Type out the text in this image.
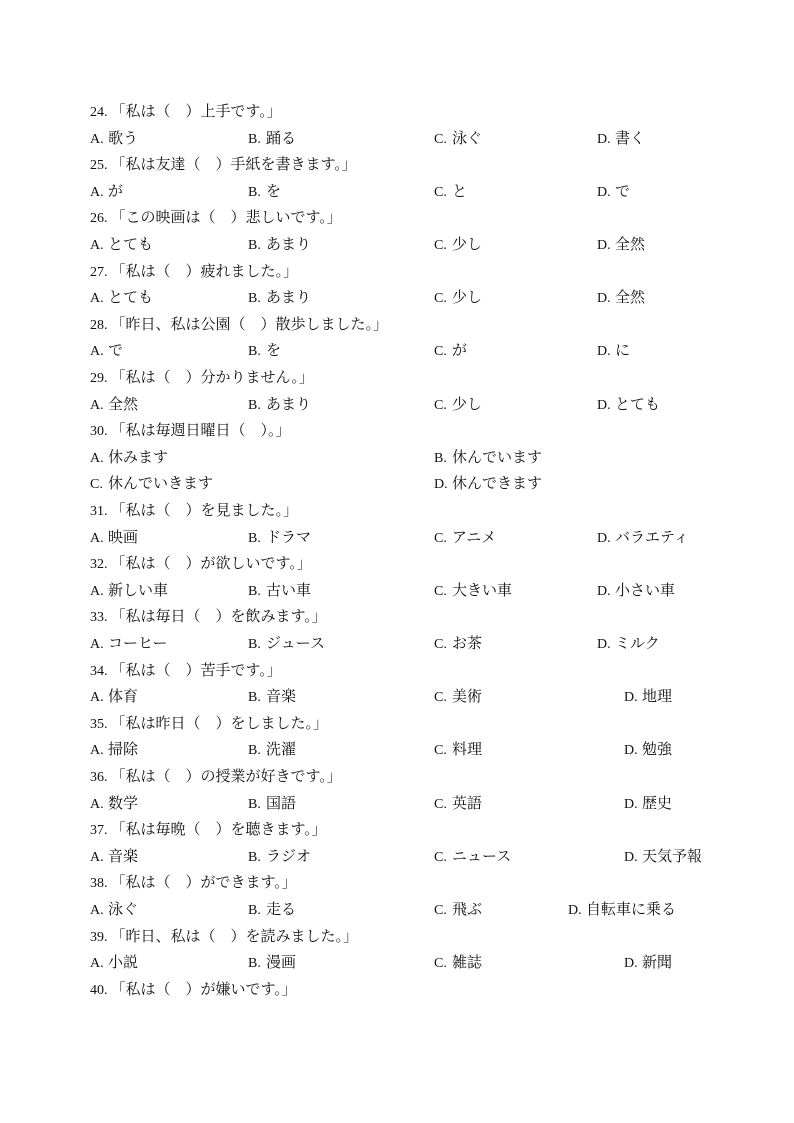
24. 「私は（　）上手です。」
A. 歌う	B. 踊る	C. 泳ぐ	D. 書く
25. 「私は友達（　）手紙を書きます。」
A. が	B. を	C. と	D. で
26. 「この映画は（　）悲しいです。」
A. とても	B. あまり	C. 少し	D. 全然
27. 「私は（　）疲れました。」
A. とても	B. あまり	C. 少し	D. 全然
28. 「昨日、私は公園（　）散歩しました。」
A. で	B. を	C. が	D. に
29. 「私は（　）分かりません。」
A. 全然	B. あまり	C. 少し	D. とても
30. 「私は毎週日曜日（　）。」
A. 休みます	B. 休んでいます
C. 休んでいきます	D. 休んできます
31. 「私は（　）を見ました。」
A. 映画	B. ドラマ	C. アニメ	D. バラエティ
32. 「私は（　）が欲しいです。」
A. 新しい車	B. 古い車	C. 大きい車	D. 小さい車
33. 「私は毎日（　）を飲みます。」
A. コーヒー	B. ジュース	C. お茶	D. ミルク
34. 「私は（　）苦手です。」
A. 体育	B. 音楽	C. 美術	D. 地理
35. 「私は昨日（　）をしました。」
A. 掃除	B. 洗濯	C. 料理	D. 勉強
36. 「私は（　）の授業が好きです。」
A. 数学	B. 国語	C. 英語	D. 歴史
37. 「私は毎晩（　）を聴きます。」
A. 音楽	B. ラジオ	C. ニュース	D. 天気予報
38. 「私は（　）ができます。」
A. 泳ぐ	B. 走る	C. 飛ぶ	D. 自転車に乗る
39. 「昨日、私は（　）を読みました。」
A. 小説	B. 漫画	C. 雑誌	D. 新聞
40. 「私は（　）が嫌いです。」
